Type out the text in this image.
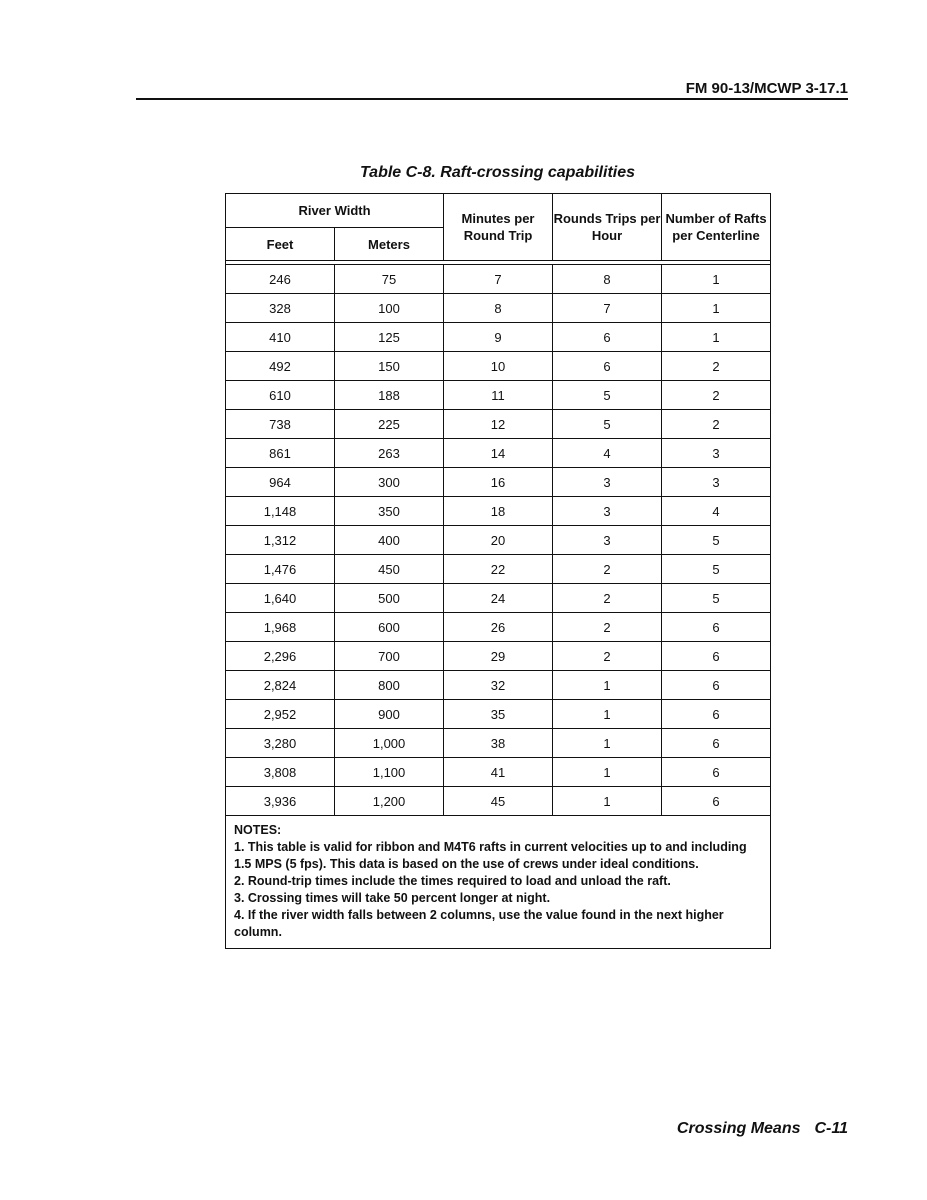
FM 90-13/MCWP 3-17.1
Table C-8. Raft-crossing capabilities
River Width		Minutes per Round Trip	Rounds Trips per Hour	Number of Rafts per Centerline
Feet	Meters			

246	75	7	8	1
328	100	8	7	1
410	125	9	6	1
492	150	10	6	2
610	188	11	5	2
738	225	12	5	2
861	263	14	4	3
964	300	16	3	3
1,148	350	18	3	4
1,312	400	20	3	5
1,476	450	22	2	5
1,640	500	24	2	5
1,968	600	26	2	6
2,296	700	29	2	6
2,824	800	32	1	6
2,952	900	35	1	6
3,280	1,000	38	1	6
3,808	1,100	41	1	6
3,936	1,200	45	1	6

NOTES:
1. This table is valid for ribbon and M4T6 rafts in current velocities up to and including 1.5 MPS (5 fps). This data is based on the use of crews under ideal conditions.
2. Round-trip times include the times required to load and unload the raft.
3. Crossing times will take 50 percent longer at night.
4. If the river width falls between 2 columns, use the value found in the next higher column.				
Crossing Means C-11
